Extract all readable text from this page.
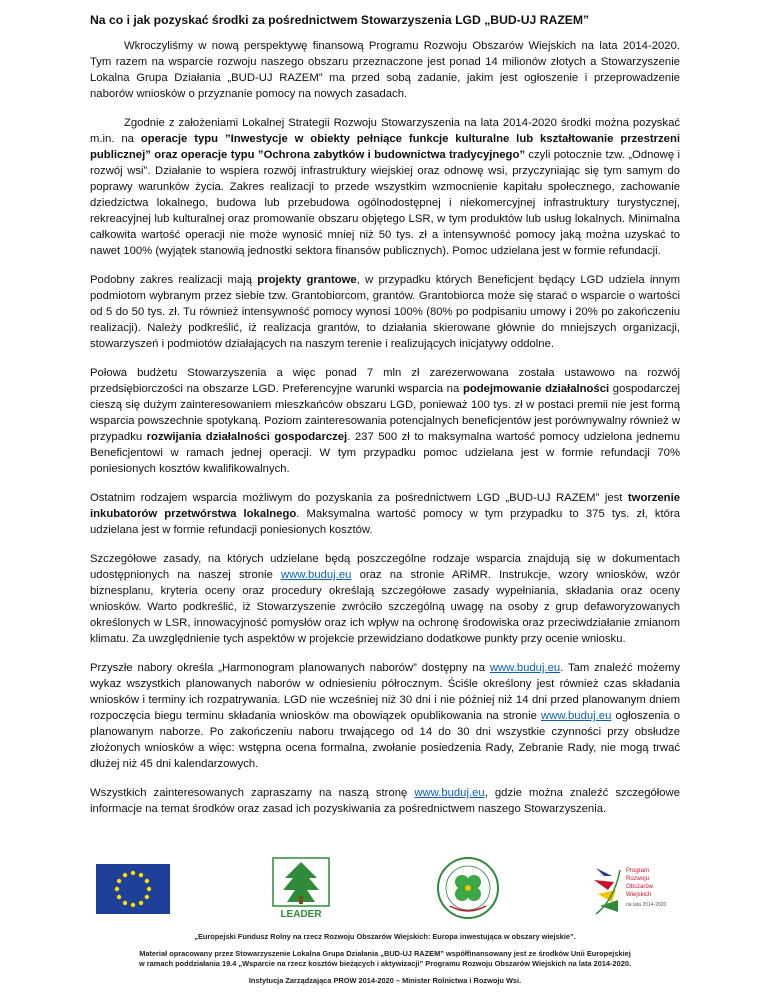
Na co i jak pozyskać środki za pośrednictwem Stowarzyszenia LGD „BUD-UJ RAZEM”

Wkroczyliśmy w nową perspektywę finansową Programu Rozwoju Obszarów Wiejskich na lata 2014-2020. Tym razem na wsparcie rozwoju naszego obszaru przeznaczone jest ponad 14 milionów złotych a Stowarzyszenie Lokalna Grupa Działania „BUD-UJ RAZEM” ma przed sobą zadanie, jakim jest ogłoszenie i przeprowadzenie naborów wniosków o przyznanie pomocy na nowych zasadach.

Zgodnie z założeniami Lokalnej Strategii Rozwoju Stowarzyszenia na lata 2014-2020 środki można pozyskać m.in. na operacje typu ”Inwestycje w obiekty pełniące funkcje kulturalne lub kształtowanie przestrzeni publicznej” oraz operacje typu ”Ochrona zabytków i budownictwa tradycyjnego” czyli potocznie tzw. „Odnowę i rozwój wsi”. Działanie to wspiera rozwój infrastruktury wiejskiej oraz odnowę wsi, przyczyniając się tym samym do poprawy warunków życia. Zakres realizacji to przede wszystkim wzmocnienie kapitału społecznego, zachowanie dziedzictwa lokalnego, budowa lub przebudowa ogólnodostępnej i niekomercyjnej infrastruktury turystycznej, rekreacyjnej lub kulturalnej oraz promowanie obszaru objętego LSR, w tym produktów lub usług lokalnych. Minimalna całkowita wartość operacji nie może wynosić mniej niż 50 tys. zł a intensywność pomocy jaką można uzyskać to nawet 100% (wyjątek stanowią jednostki sektora finansów publicznych). Pomoc udzielana jest w formie refundacji.

Podobny zakres realizacji mają projekty grantowe, w przypadku których Beneficjent będący LGD udziela innym podmiotom wybranym przez siebie tzw. Grantobiorcom, grantów. Grantobiorca może się starać o wsparcie o wartości od 5 do 50 tys. zł. Tu również intensywność pomocy wynosi 100% (80% po podpisaniu umowy i 20% po zakończeniu realizacji). Należy podkreślić, iż realizacja grantów, to działania skierowane głównie do mniejszych organizacji, stowarzyszeń i podmiotów działających na naszym terenie i realizujących inicjatywy oddolne.

Połowa budżetu Stowarzyszenia a więc ponad 7 mln zł zarezerwowana została ustawowo na rozwój przedsiębiorczości na obszarze LGD. Preferencyjne warunki wsparcia na podejmowanie działalności gospodarczej cieszą się dużym zainteresowaniem mieszkańców obszaru LGD, ponieważ 100 tys. zł w postaci premii nie jest formą wsparcia powszechnie spotykaną. Poziom zainteresowania potencjalnych beneficjentów jest porównywalny również w przypadku rozwijania działalności gospodarczej. 237 500 zł to maksymalna wartość pomocy udzielona jednemu Beneficjentowi w ramach jednej operacji. W tym przypadku pomoc udzielana jest w formie refundacji 70% poniesionych kosztów kwalifikowalnych.

Ostatnim rodzajem wsparcia możliwym do pozyskania za pośrednictwem LGD „BUD-UJ RAZEM” jest tworzenie inkubatorów przetwórstwa lokalnego. Maksymalna wartość pomocy w tym przypadku to 375 tys. zł, która udzielana jest w formie refundacji poniesionych kosztów.

Szczegółowe zasady, na których udzielane będą poszczególne rodzaje wsparcia znajdują się w dokumentach udostępnionych na naszej stronie www.buduj.eu oraz na stronie ARiMR. Instrukcje, wzory wniosków, wzór biznesplanu, kryteria oceny oraz procedury określają szczegółowe zasady wypełniania, składania oraz oceny wniosków. Warto podkreślić, iż Stowarzyszenie zwróciło szczególną uwagę na osoby z grup defaworyzowanych określonych w LSR, innowacyjność pomysłów oraz ich wpływ na ochronę środowiska oraz przeciwdziałanie zmianom klimatu. Za uwzględnienie tych aspektów w projekcie przewidziano dodatkowe punkty przy ocenie wniosku.

Przyszłe nabory określa „Harmonogram planowanych naborów” dostępny na www.buduj.eu. Tam znaleźć możemy wykaz wszystkich planowanych naborów w odniesieniu półrocznym. Ściśle określony jest również czas składania wniosków i terminy ich rozpatrywania. LGD nie wcześniej niż 30 dni i nie później niż 14 dni przed planowanym dniem rozpoczęcia biegu terminu składania wniosków ma obowiązek opublikowania na stronie www.buduj.eu ogłoszenia o planowanym naborze. Po zakończeniu naboru trwającego od 14 do 30 dni wszystkie czynności przy obsłudze złożonych wniosków a więc: wstępna ocena formalna, zwołanie posiedzenia Rady, Zebranie Rady, nie mogą trwać dłużej niż 45 dni kalendarzowych.

Wszystkich zainteresowanych zapraszamy na naszą stronę www.buduj.eu, gdzie można znaleźć szczegółowe informacje na temat środków oraz zasad ich pozyskiwania za pośrednictwem naszego Stowarzyszenia.

LEADER
Program
Rozwoju
Obszarów
Wiejskich
na lata 2014-2020
„Europejski Fundusz Rolny na rzecz Rozwoju Obszarów Wiejskich: Europa inwestująca w obszary wiejskie”.
Materiał opracowany przez Stowarzyszenie Lokalna Grupa Działania „BUD-UJ RAZEM” współfinansowany jest ze środków Unii Europejskiej
w ramach poddziałania 19.4 „Wsparcie na rzecz kosztów bieżących i aktywizacji” Programu Rozwoju Obszarów Wiejskich na lata 2014-2020.
Instytucja Zarządzająca PROW 2014-2020 – Minister Rolnictwa i Rozwoju Wsi.
